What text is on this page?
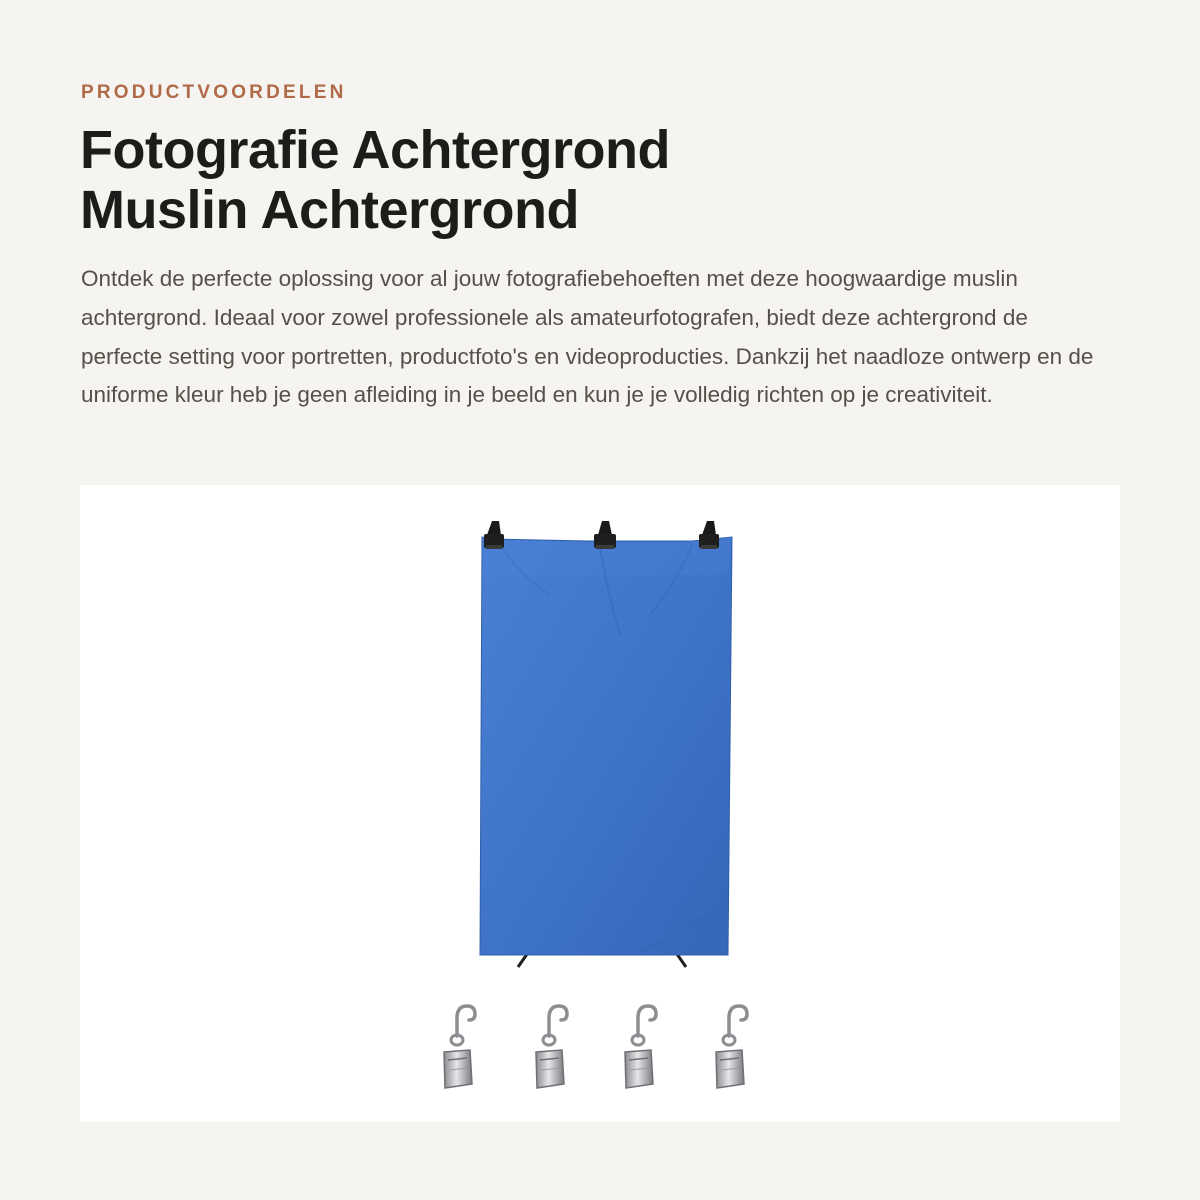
PRODUCTVOORDELEN

Fotografie Achtergrond
Muslin Achtergrond

Ontdek de perfecte oplossing voor al jouw fotografiebehoeften met deze hoogwaardige muslin achtergrond. Ideaal voor zowel professionele als amateurfotografen, biedt deze achtergrond de perfecte setting voor portretten, productfoto's en videoproducties. Dankzij het naadloze ontwerp en de uniforme kleur heb je geen afleiding in je beeld en kun je je volledig richten op je creativiteit.
